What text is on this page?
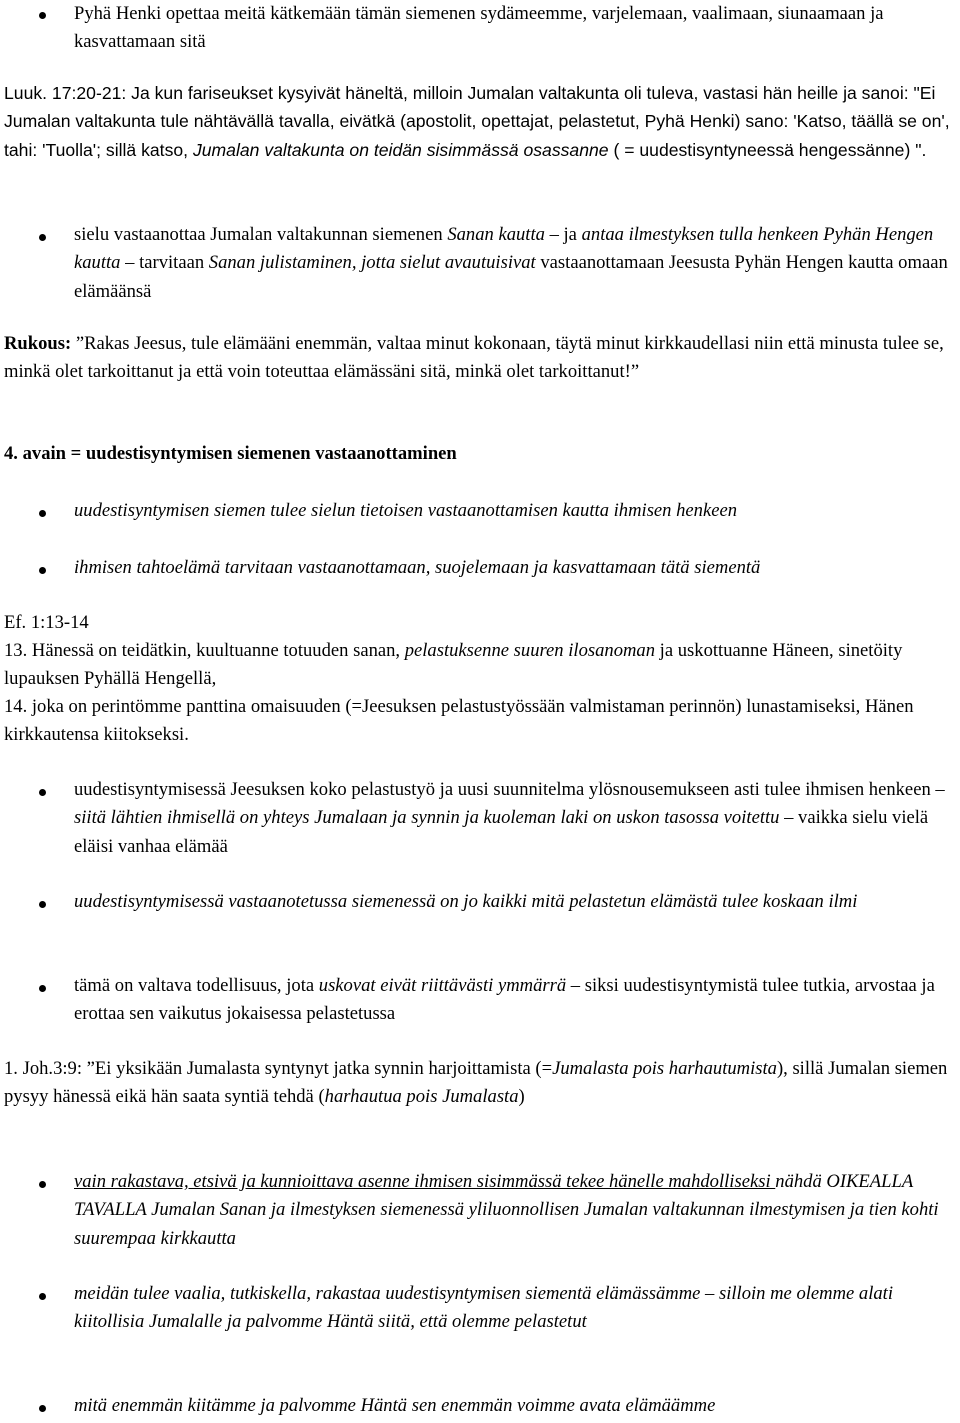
Pyhä Henki opettaa meitä kätkemään tämän siemenen sydämeemme, varjelemaan, vaalimaan, siunaamaan ja kasvattamaan sitä

Luuk. 17:20-21: Ja kun fariseukset kysyivät häneltä, milloin Jumalan valtakunta oli tuleva, vastasi hän heille ja sanoi: "Ei Jumalan valtakunta tule nähtävällä tavalla, eivätkä (apostolit, opettajat, pelastetut, Pyhä Henki) sano: 'Katso, täällä se on', tahi: 'Tuolla'; sillä katso, Jumalan valtakunta on teidän sisimmässä osassanne ( = uudestisyntyneessä hengessänne) ".

sielu vastaanottaa Jumalan valtakunnan siemenen Sanan kautta – ja antaa ilmestyksen tulla henkeen Pyhän Hengen kautta – tarvitaan Sanan julistaminen, jotta sielut avautuisivat vastaanottamaan Jeesusta Pyhän Hengen kautta omaan elämäänsä

Rukous: ”Rakas Jeesus, tule elämääni enemmän, valtaa minut kokonaan, täytä minut kirkkaudellasi niin että minusta tulee se, minkä olet tarkoittanut ja että voin toteuttaa elämässäni sitä, minkä olet tarkoittanut!”

4. avain = uudestisyntymisen siemenen vastaanottaminen

uudestisyntymisen siemen tulee sielun tietoisen vastaanottamisen kautta ihmisen henkeen

ihmisen tahtoelämä tarvitaan vastaanottamaan, suojelemaan ja kasvattamaan tätä siementä

Ef. 1:13-14

13. Hänessä on teidätkin, kuultuanne totuuden sanan, pelastuksenne suuren ilosanoman ja uskottuanne Häneen, sinetöity lupauksen Pyhällä Hengellä,

14. joka on perintömme panttina omaisuuden (=Jeesuksen pelastustyössään valmistaman perinnön) lunastamiseksi, Hänen kirkkautensa kiitokseksi.

uudestisyntymisessä Jeesuksen koko pelastustyö ja uusi suunnitelma ylösnousemukseen asti tulee ihmisen henkeen – siitä lähtien ihmisellä on yhteys Jumalaan ja synnin ja kuoleman laki on uskon tasossa voitettu – vaikka sielu vielä eläisi vanhaa elämää

uudestisyntymisessä vastaanotetussa siemenessä on jo kaikki mitä pelastetun elämästä tulee koskaan ilmi

tämä on valtava todellisuus, jota uskovat eivät riittävästi ymmärrä – siksi uudestisyntymistä tulee tutkia, arvostaa ja erottaa sen vaikutus jokaisessa pelastetussa

1. Joh.3:9: ”Ei yksikään Jumalasta syntynyt jatka synnin harjoittamista (=Jumalasta pois harhautumista), sillä Jumalan siemen pysyy hänessä eikä hän saata syntiä tehdä (harhautua pois Jumalasta)

vain rakastava, etsivä ja kunnioittava asenne ihmisen sisimmässä tekee hänelle mahdolliseksi nähdä OIKEALLA TAVALLA Jumalan Sanan ja ilmestyksen siemenessä yliluonnollisen Jumalan valtakunnan ilmestymisen ja tien kohti suurempaa kirkkautta

meidän tulee vaalia, tutkiskella, rakastaa uudestisyntymisen siementä elämässämme – silloin me olemme alati kiitollisia Jumalalle ja palvomme Häntä siitä, että olemme pelastetut

mitä enemmän kiitämme ja palvomme Häntä sen enemmän voimme avata elämäämme
